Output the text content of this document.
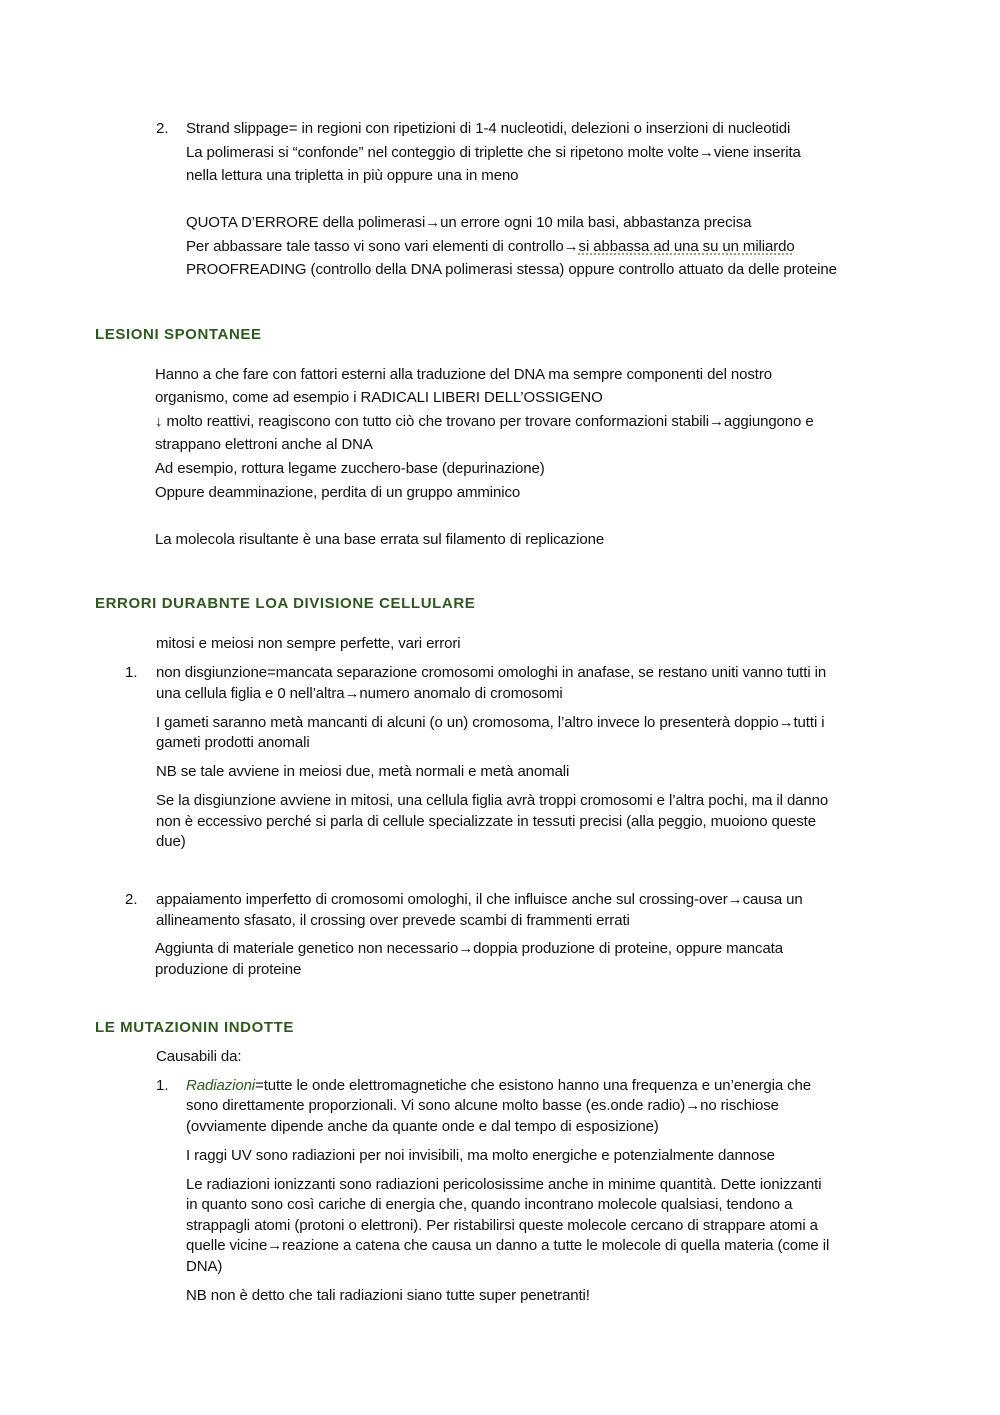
2. Strand slippage= in regioni con ripetizioni di 1-4 nucleotidi, delezioni o inserzioni di nucleotidi
La polimerasi si “confonde” nel conteggio di triplette che si ripetono molte volte→viene inserita
nella lettura una tripletta in più oppure una in meno
QUOTA D’ERRORE della polimerasi→un errore ogni 10 mila basi, abbastanza precisa
Per abbassare tale tasso vi sono vari elementi di controllo→si abbassa ad una su un miliardo
PROOFREADING (controllo della DNA polimerasi stessa) oppure controllo attuato da delle proteine
LESIONI SPONTANEE
Hanno a che fare con fattori esterni alla traduzione del DNA ma sempre componenti del nostro
organismo, come ad esempio i RADICALI LIBERI DELL’OSSIGENO
↓ molto reattivi, reagiscono con tutto ciò che trovano per trovare conformazioni stabili→aggiungono e
strappano elettroni anche al DNA
Ad esempio, rottura legame zucchero-base (depurinazione)
Oppure deamminazione, perdita di un gruppo amminico
La molecola risultante è una base errata sul filamento di replicazione
ERRORI DURABNTE LOA DIVISIONE CELLULARE
mitosi e meiosi non sempre perfette, vari errori
1. non disgiunzione=mancata separazione cromosomi omologhi in anafase, se restano uniti vanno tutti in
una cellula figlia e 0 nell’altra→numero anomalo di cromosomi
I gameti saranno metà mancanti di alcuni (o un) cromosoma, l’altro invece lo presenterà doppio→tutti i
gameti prodotti anomali
NB se tale avviene in meiosi due, metà normali e metà anomali
Se la disgiunzione avviene in mitosi, una cellula figlia avrà troppi cromosomi e l’altra pochi, ma il danno
non è eccessivo perché si parla di cellule specializzate in tessuti precisi (alla peggio, muoiono queste
due)
2. appaiamento imperfetto di cromosomi omologhi, il che influisce anche sul crossing-over→causa un
allineamento sfasato, il crossing over prevede scambi di frammenti errati
Aggiunta di materiale genetico non necessario→doppia produzione di proteine, oppure mancata
produzione di proteine
LE MUTAZIONIN INDOTTE
Causabili da:
1. Radiazioni=tutte le onde elettromagnetiche che esistono hanno una frequenza e un’energia che
sono direttamente proporzionali. Vi sono alcune molto basse (es.onde radio)→no rischiose
(ovviamente dipende anche da quante onde e dal tempo di esposizione)
I raggi UV sono radiazioni per noi invisibili, ma molto energiche e potenzialmente dannose
Le radiazioni ionizzanti sono radiazioni pericolosissime anche in minime quantità. Dette ionizzanti
in quanto sono così cariche di energia che, quando incontrano molecole qualsiasi, tendono a
strappagli atomi (protoni o elettroni). Per ristabilirsi queste molecole cercano di strappare atomi a
quelle vicine→reazione a catena che causa un danno a tutte le molecole di quella materia (come il
DNA)
NB non è detto che tali radiazioni siano tutte super penetranti!
